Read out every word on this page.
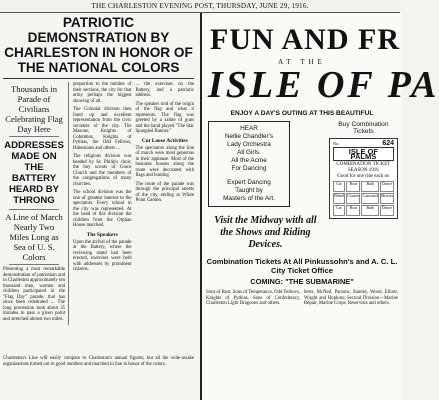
THE CHARLESTON EVENING POST, THURSDAY, JUNE 29, 1916.
PATRIOTIC DEMONSTRATION BY CHARLESTON IN HONOR OF THE NATIONAL COLORS
Thousands in Parade of Civilians Celebrating Flag Day Here
ADDRESSES MADE ON THE BATTERY HEARD BY THRONG
A Line of March Nearly Two Miles Long as Sea of U. S. Colors
Presenting a most remarkable demonstration of patriotism and in Charleston approximately ten thousand men, women and children participated in the "Flag Day" parade, that has since been celebrated ... The long procession took about 35 minutes to pass a given point and stretched almost two miles.

proportion to the number of their sections, the city for that army perhaps the biggest showing of all.

The Colonial division then lined up and excellent representation from the civic societies of the city. The Masons, Knights of Columbus, Knights of Pythias, the Odd Fellows, Hibernians and others ...

The religious division was headed by St. Philip's choir, the boy scouts of Grace Church and the members of the congregations of many churches.

The school division was the one of greatest interest to the spectators. Every school in the city was represented. At the head of this division the children from the Orphan House marched.

The Speakers

Upon the arrival of the parade at the Battery, where the reviewing stand had been erected, exercises were held with addresses by prominent citizens.

... the exercises on the Battery, and a patriotic address.

The speaker told of the origin of the flag and what it represents. The flag was greeted by a salute of guns and the band played "The Star Spangled Banner."

Cut Loose Activities

The spectators along the line of march were most generous in their applause. Most of the business houses along the route were decorated with flags and bunting.

The route of the parade was through the principal streets of the city, ending at White Point Garden.

Charleston's Line will easily compare to Charleston's annual figures; but all the wide-awake organizations turned out in good numbers and marched in line in honor of the colors.
FUN AND FR
AT THE
ISLE OF PA
ENJOY A DAY'S OUTING AT THIS BEAUTIFUL
HEAR
Nellie Chandler's
Lady Orchestra
All Girls.
All the Acme
For Dancing
Expert Dancing
Taught by
Masters of the Art.
Visit the Midway with all the Shows and Riding Devices.
Buy Combination Tickets
No.	624
ISLE OF PALMS
COMBINATION TICKET
SEASON 1916
Good for one ride each on
Car	Boat	Bath	Dance
Wheel Coaster Carrousel Movies
Car	Boat	Bath	Dance
Combination Tickets At All Pinkussohn's and A. C. L. City Ticket Office
COMING: "THE SUBMARINE"
Sons of Rest, Sons of Temperance, Odd Fellows, Knights of Pythias, Sons of Confederacy, Charleston Light Dragoons and others.
berts, McNeil, Parsons, Stanley, Wood, Elliott, Wright and Hopkins; Second Division—Marine Repair, Marine Corps, Reservists and others.
